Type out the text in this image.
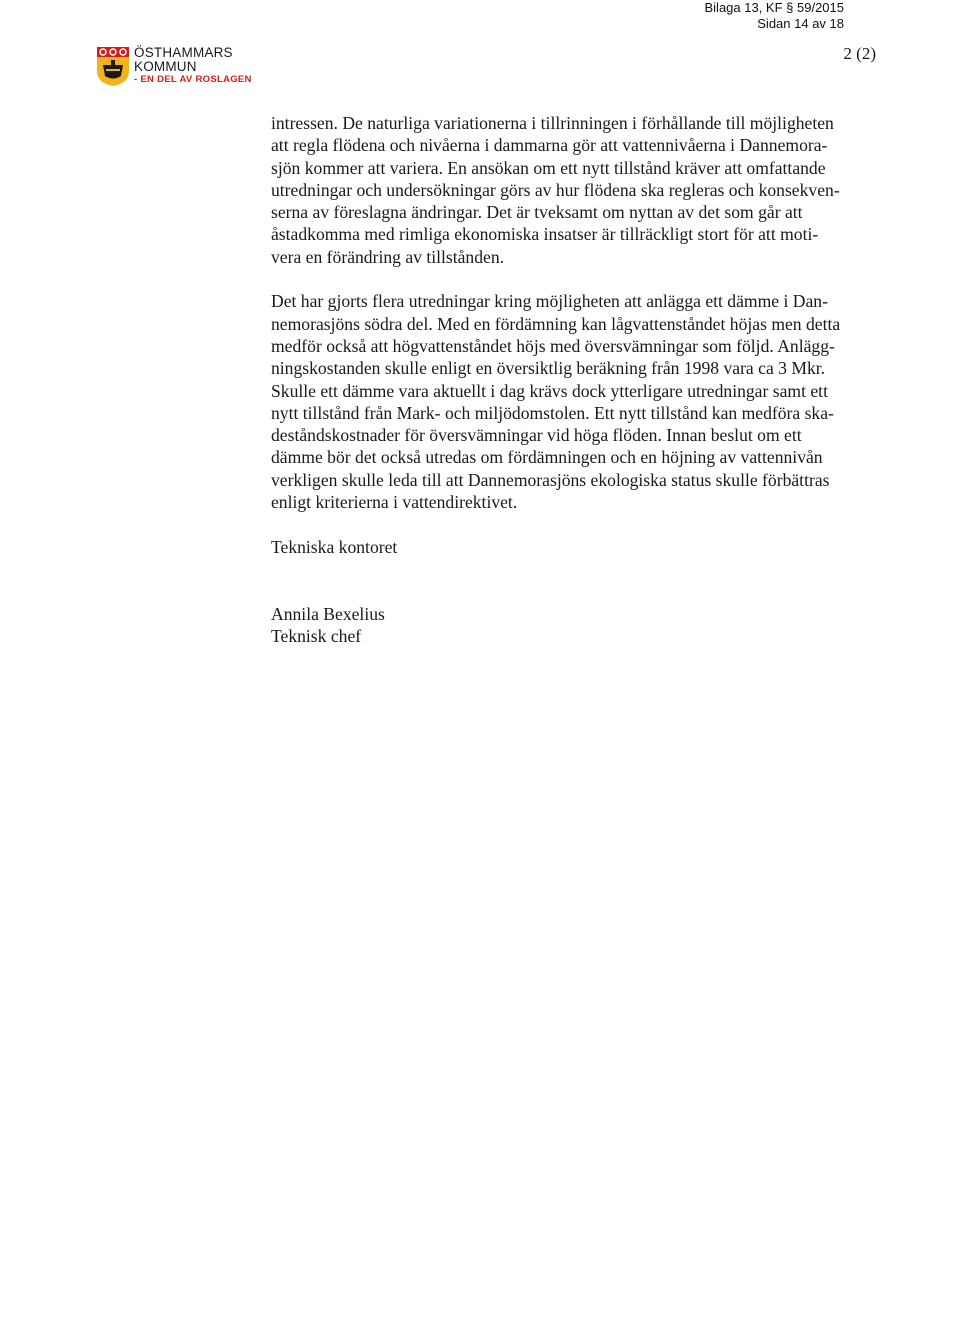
Bilaga 13, KF § 59/2015
Sidan 14 av 18
ÖSTHAMMARS
KOMMUN
- EN DEL AV ROSLAGEN
2 (2)

intressen. De naturliga variationerna i tillrinningen i förhållande till möjligheten
att regla flödena och nivåerna i dammarna gör att vattennivåerna i Dannemora-
sjön kommer att variera. En ansökan om ett nytt tillstånd kräver att omfattande
utredningar och undersökningar görs av hur flödena ska regleras och konsekven-
serna av föreslagna ändringar. Det är tveksamt om nyttan av det som går att
åstadkomma med rimliga ekonomiska insatser är tillräckligt stort för att moti-
vera en förändring av tillstånden.

Det har gjorts flera utredningar kring möjligheten att anlägga ett dämme i Dan-
nemorasjöns södra del. Med en fördämning kan lågvattenståndet höjas men detta
medför också att högvattenståndet höjs med översvämningar som följd. Anlägg-
ningskostanden skulle enligt en översiktlig beräkning från 1998 vara ca 3 Mkr.
Skulle ett dämme vara aktuellt i dag krävs dock ytterligare utredningar samt ett
nytt tillstånd från Mark- och miljödomstolen. Ett nytt tillstånd kan medföra ska-
deståndskostnader för översvämningar vid höga flöden. Innan beslut om ett
dämme bör det också utredas om fördämningen och en höjning av vattennivån
verkligen skulle leda till att Dannemorasjöns ekologiska status skulle förbättras
enligt kriterierna i vattendirektivet.

Tekniska kontoret

Annila Bexelius
Teknisk chef
